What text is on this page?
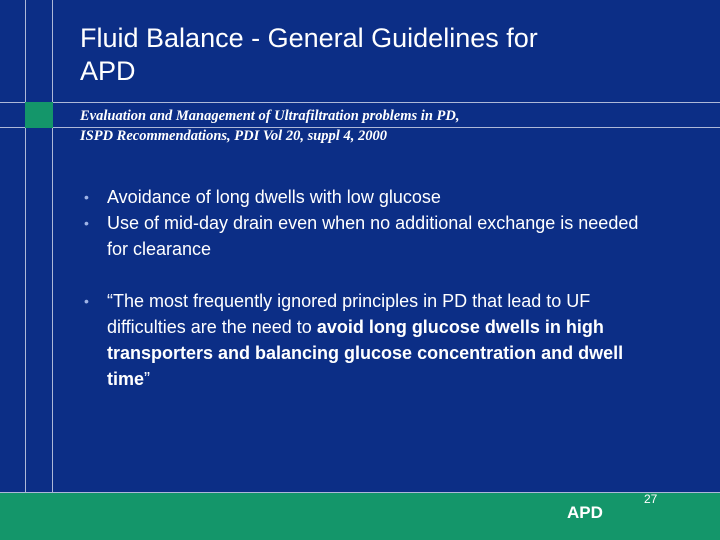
Fluid Balance - General Guidelines for
APD
Evaluation and Management of Ultrafiltration problems in PD,
ISPD Recommendations, PDI Vol 20, suppl 4, 2000
• Avoidance of long dwells with low glucose
• Use of mid-day drain even when no additional exchange is needed for clearance
• “The most frequently ignored principles in PD that lead to UF difficulties are the need to avoid long glucose dwells in high transporters and balancing glucose concentration and dwell time”
APD
27
